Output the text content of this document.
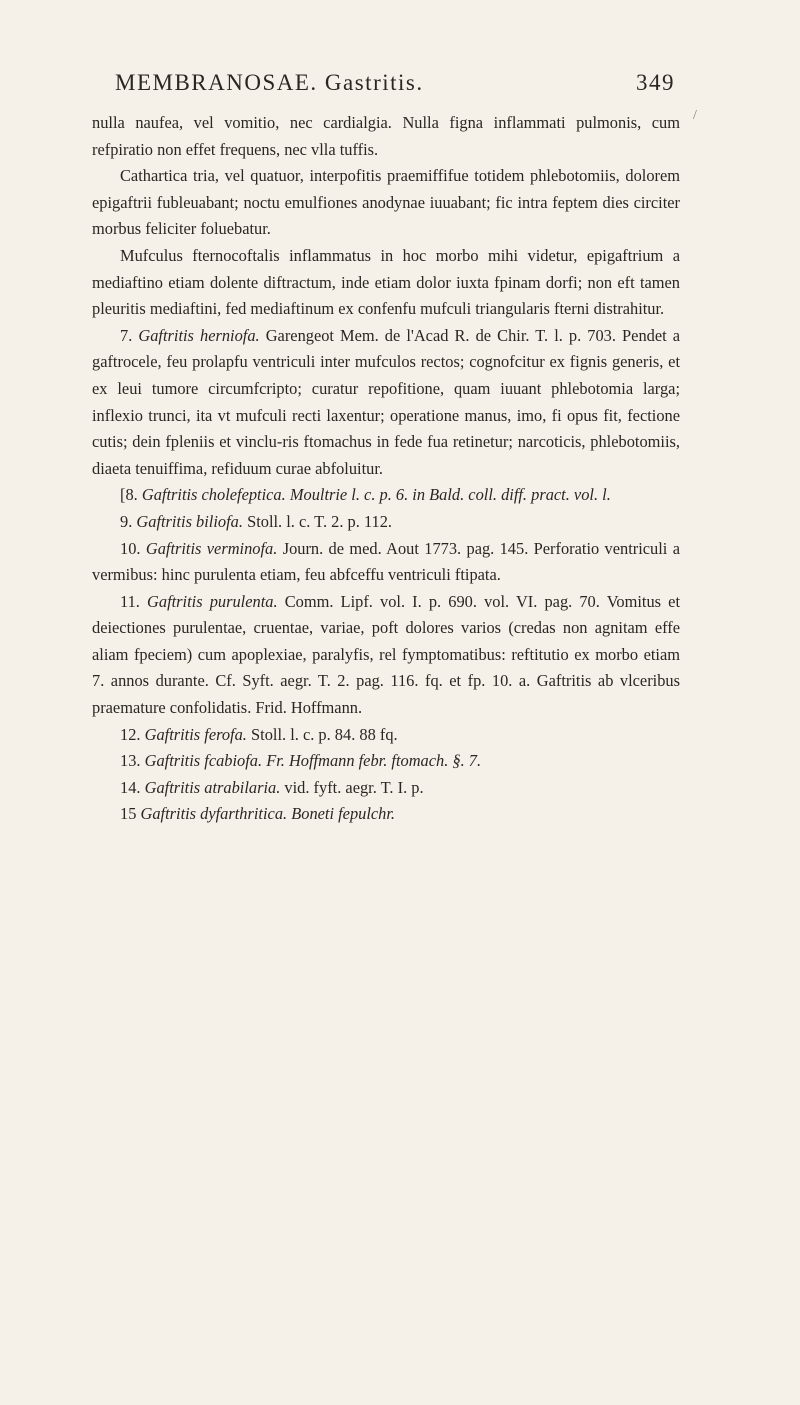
MEMBRANOSAE. Gastritis.	349

nulla naufea, vel vomitio, nec cardialgia. Nulla figna inflammati pulmonis, cum refpiratio non effet frequens, nec vlla tuffis.

Cathartica tria, vel quatuor, interpofitis praemiffifue totidem phlebotomiis, dolorem epigaftrii fubleuabant; noctu emulfiones anodynae iuuabant; fic intra feptem dies circiter morbus feliciter foluebatur.

Mufculus fternocoftalis inflammatus in hoc morbo mihi videtur, epigaftrium a mediaftino etiam dolente diftractum, inde etiam dolor iuxta fpinam dorfi; non eft tamen pleuritis mediaftini, fed mediaftinum ex confenfu mufculi triangularis fterni distrahitur.

7. Gaftritis herniofa. Garengeot Mem. de l'Acad R. de Chir. T. l. p. 703. Pendet a gaftrocele, feu prolapfu ventriculi inter mufculos rectos; cognofcitur ex fignis generis, et ex leui tumore circumfcripto; curatur repofitione, quam iuuant phlebotomia larga; inflexio trunci, ita vt mufculi recti laxentur; operatione manus, imo, fi opus fit, fectione cutis; dein fpleniis et vinclu-ris ftomachus in fede fua retinetur; narcoticis, phlebotomiis, diaeta tenuiffima, refiduum curae abfoluitur.

[8. Gaftritis cholefeptica. Moultrie l. c. p. 6. in Bald. coll. diff. pract. vol. l.

9. Gaftritis biliofa. Stoll. l. c. T. 2. p. 112.

10. Gaftritis verminofa. Journ. de med. Aout 1773. pag. 145. Perforatio ventriculi a vermibus: hinc purulenta etiam, feu abfceffu ventriculi ftipata.

11. Gaftritis purulenta. Comm. Lipf. vol. I. p. 690. vol. VI. pag. 70. Vomitus et deiectiones purulentae, cruentae, variae, poft dolores varios (credas non agnitam effe aliam fpeciem) cum apoplexiae, paralyfis, rel fymptomatibus: reftitutio ex morbo etiam 7. annos durante. Cf. Syft. aegr. T. 2. pag. 116. fq. et fp. 10. a. Gaftritis ab vlceribus praemature confolidatis. Frid. Hoffmann.

12. Gaftritis ferofa. Stoll. l. c. p. 84. 88 fq.

13. Gaftritis fcabiofa. Fr. Hoffmann febr. ftomach. §. 7.

14. Gaftritis atrabilaria. vid. fyft. aegr. T. I. p.

15 Gaftritis dyfarthritica. Boneti fepulchr.

/
